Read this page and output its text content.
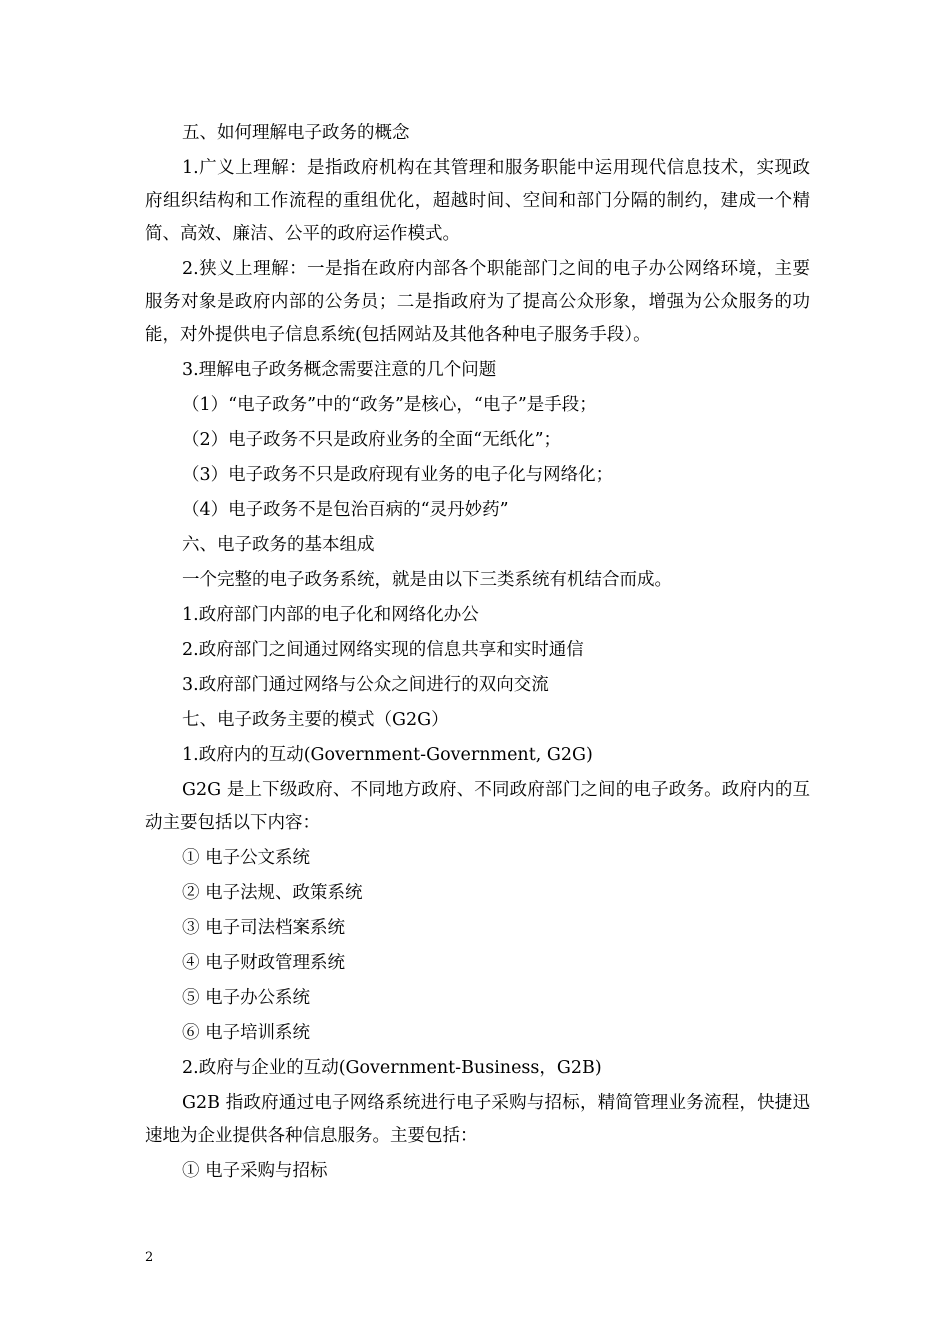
五、如何理解电子政务的概念

1.广义上理解：是指政府机构在其管理和服务职能中运用现代信息技术，实现政府组织结构和工作流程的重组优化，超越时间、空间和部门分隔的制约，建成一个精简、高效、廉洁、公平的政府运作模式。

2.狭义上理解：一是指在政府内部各个职能部门之间的电子办公网络环境，主要服务对象是政府内部的公务员；二是指政府为了提高公众形象，增强为公众服务的功能，对外提供电子信息系统(包括网站及其他各种电子服务手段）。

3.理解电子政务概念需要注意的几个问题

（1）“电子政务”中的“政务”是核心，“电子”是手段；

（2）电子政务不只是政府业务的全面“无纸化”；

（3）电子政务不只是政府现有业务的电子化与网络化；

（4）电子政务不是包治百病的“灵丹妙药”

六、电子政务的基本组成

一个完整的电子政务系统，就是由以下三类系统有机结合而成。

1.政府部门内部的电子化和网络化办公

2.政府部门之间通过网络实现的信息共享和实时通信

3.政府部门通过网络与公众之间进行的双向交流

七、电子政务主要的模式（G2G）

1.政府内的互动(Government-Government, G2G)

G2G 是上下级政府、不同地方政府、不同政府部门之间的电子政务。政府内的互动主要包括以下内容：

① 电子公文系统

② 电子法规、政策系统

③ 电子司法档案系统

④ 电子财政管理系统

⑤ 电子办公系统

⑥ 电子培训系统

2.政府与企业的互动(Government-Business，G2B)

G2B 指政府通过电子网络系统进行电子采购与招标，精简管理业务流程，快捷迅速地为企业提供各种信息服务。主要包括：

① 电子采购与招标

2
